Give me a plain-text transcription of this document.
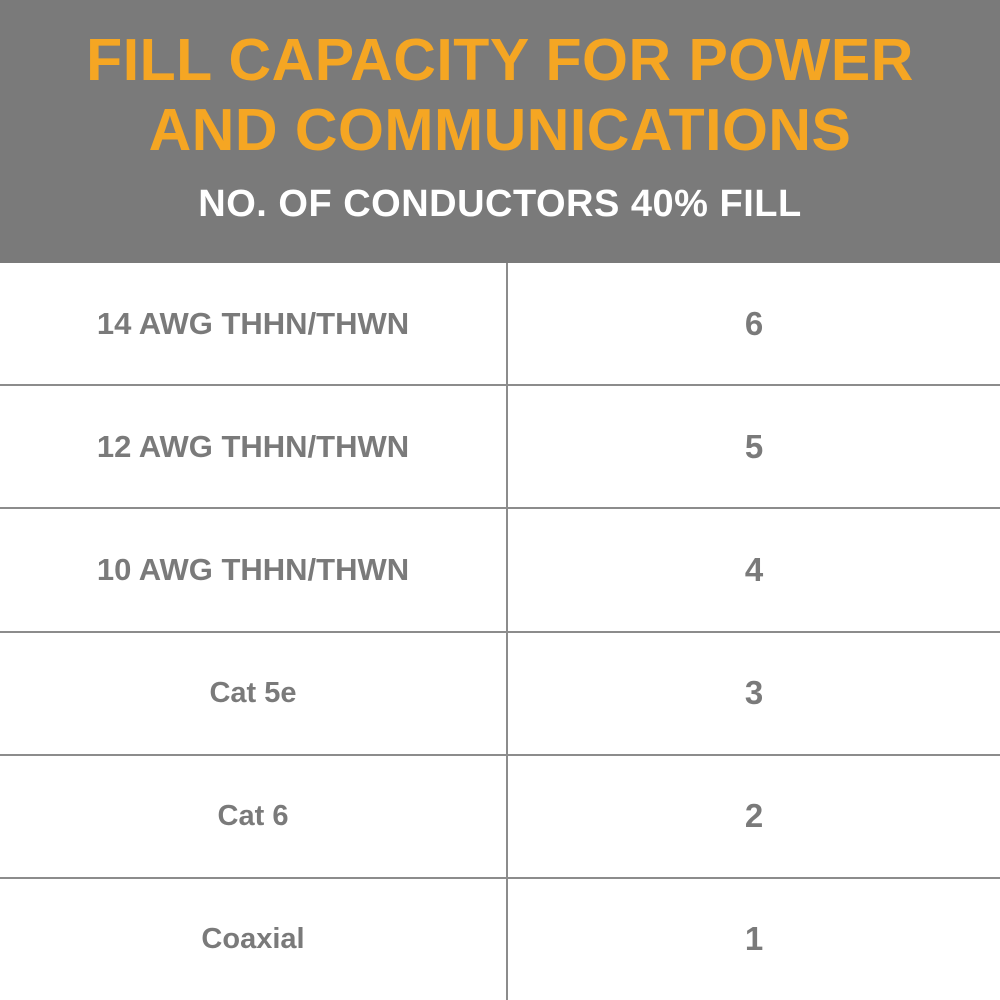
FILL CAPACITY FOR POWER AND COMMUNICATIONS
NO. OF CONDUCTORS 40% FILL
14 AWG THHN/THWN	6
12 AWG THHN/THWN	5
10 AWG THHN/THWN	4
Cat 5e	3
Cat 6	2
Coaxial	1
